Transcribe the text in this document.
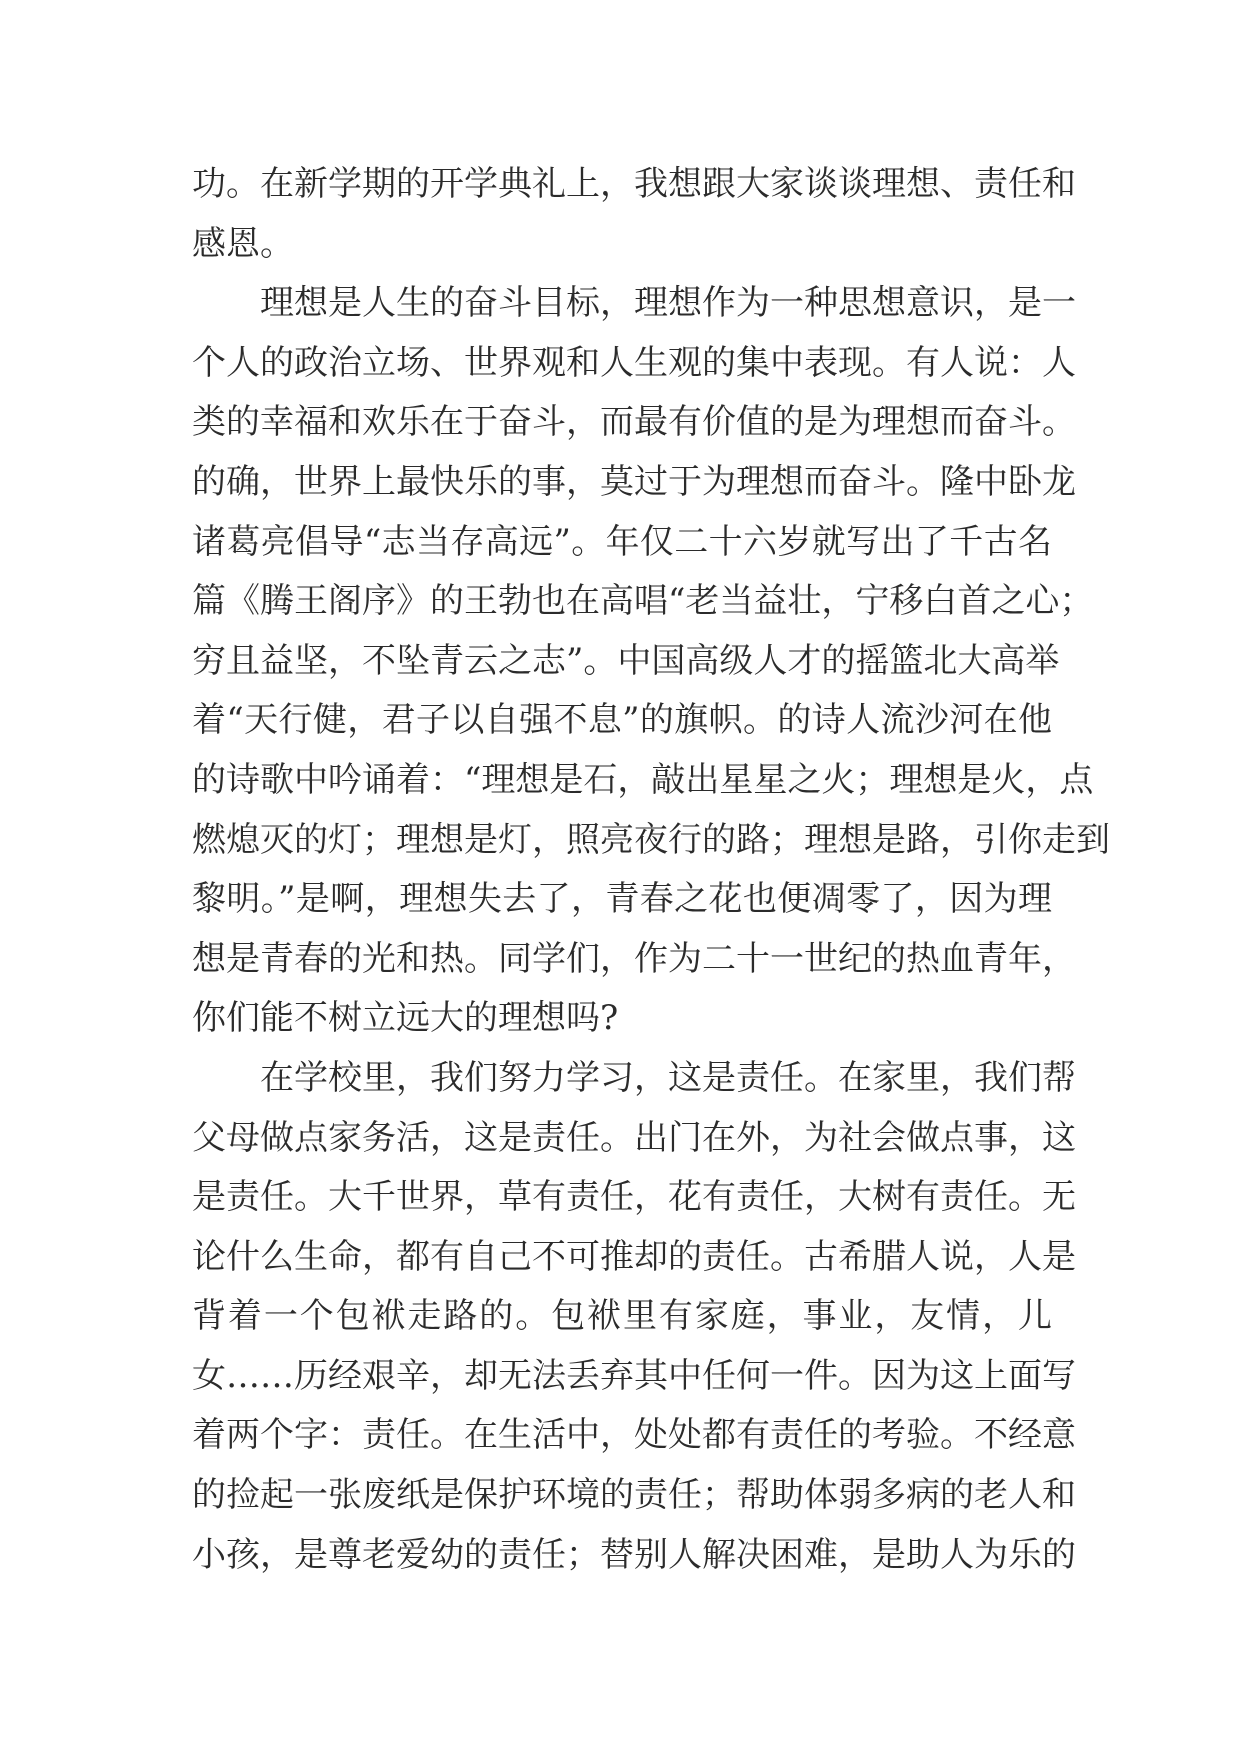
功。在新学期的开学典礼上，我想跟大家谈谈理想、责任和
感恩。
理想是人生的奋斗目标，理想作为一种思想意识，是一
个人的政治立场、世界观和人生观的集中表现。有人说：人
类的幸福和欢乐在于奋斗，而最有价值的是为理想而奋斗。
的确，世界上最快乐的事，莫过于为理想而奋斗。隆中卧龙
诸葛亮倡导“志当存高远”。年仅二十六岁就写出了千古名
篇《腾王阁序》的王勃也在高唱“老当益壮，宁移白首之心；
穷且益坚，不坠青云之志”。中国高级人才的摇篮北大高举
着“天行健，君子以自强不息”的旗帜。的诗人流沙河在他
的诗歌中吟诵着：“理想是石，敲出星星之火；理想是火，点
燃熄灭的灯；理想是灯，照亮夜行的路；理想是路，引你走到
黎明。”是啊，理想失去了，青春之花也便凋零了，因为理
想是青春的光和热。同学们，作为二十一世纪的热血青年，
你们能不树立远大的理想吗?
在学校里，我们努力学习，这是责任。在家里，我们帮
父母做点家务活，这是责任。出门在外，为社会做点事，这
是责任。大千世界，草有责任，花有责任，大树有责任。无
论什么生命，都有自己不可推却的责任。古希腊人说，人是
背着一个包袱走路的。包袱里有家庭，事业，友情，儿
女……历经艰辛，却无法丢弃其中任何一件。因为这上面写
着两个字：责任。在生活中，处处都有责任的考验。不经意
的捡起一张废纸是保护环境的责任；帮助体弱多病的老人和
小孩，是尊老爱幼的责任；替别人解决困难，是助人为乐的
